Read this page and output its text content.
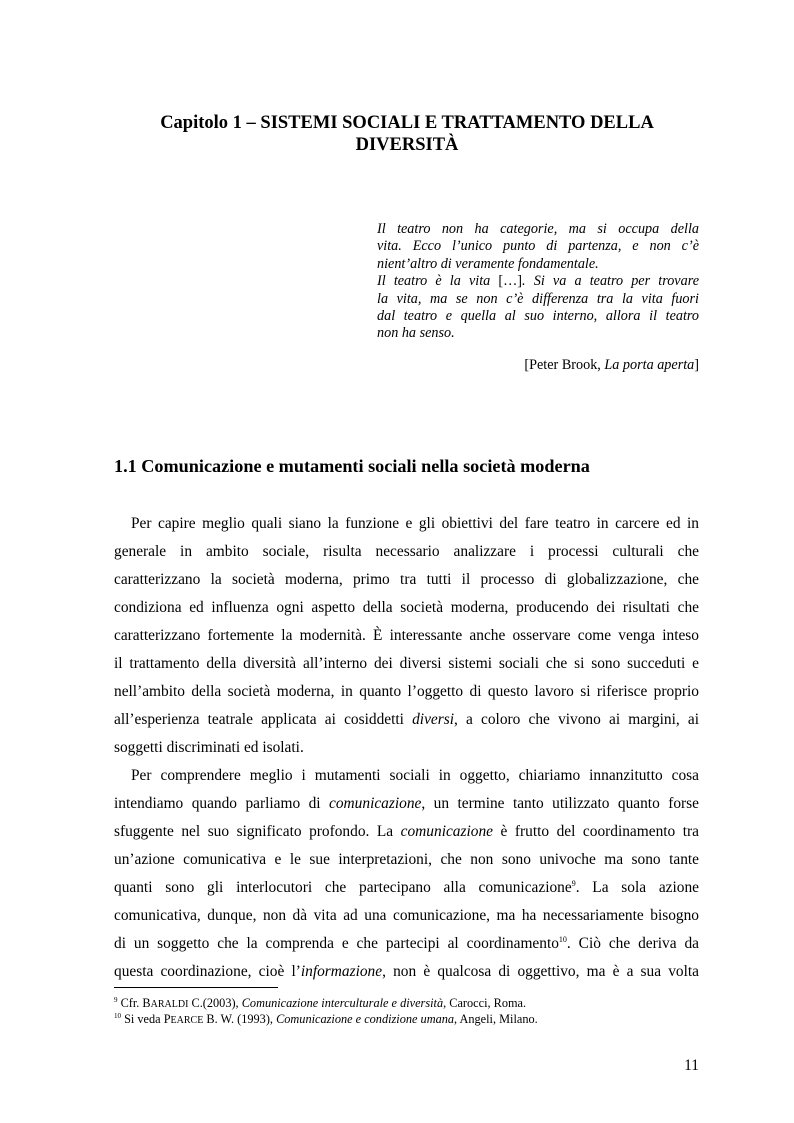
Capitolo 1 – SISTEMI SOCIALI E TRATTAMENTO DELLA
DIVERSITÀ
Il teatro non ha categorie, ma si occupa della
vita. Ecco l’unico punto di partenza, e non c’è
nient’altro di veramente fondamentale.
Il teatro è la vita […]. Si va a teatro per trovare
la vita, ma se non c’è differenza tra la vita fuori
dal teatro e quella al suo interno, allora il teatro
non ha senso.
[Peter Brook, La porta aperta]
1.1 Comunicazione e mutamenti sociali nella società moderna
Per capire meglio quali siano la funzione e gli obiettivi del fare teatro in carcere ed in
generale in ambito sociale, risulta necessario analizzare i processi culturali che
caratterizzano la società moderna, primo tra tutti il processo di globalizzazione, che
condiziona ed influenza ogni aspetto della società moderna, producendo dei risultati che
caratterizzano fortemente la modernità. È interessante anche osservare come venga inteso
il trattamento della diversità all’interno dei diversi sistemi sociali che si sono succeduti e
nell’ambito della società moderna, in quanto l’oggetto di questo lavoro si riferisce proprio
all’esperienza teatrale applicata ai cosiddetti diversi, a coloro che vivono ai margini, ai
soggetti discriminati ed isolati.
Per comprendere meglio i mutamenti sociali in oggetto, chiariamo innanzitutto cosa
intendiamo quando parliamo di comunicazione, un termine tanto utilizzato quanto forse
sfuggente nel suo significato profondo. La comunicazione è frutto del coordinamento tra
un’azione comunicativa e le sue interpretazioni, che non sono univoche ma sono tante
quanti sono gli interlocutori che partecipano alla comunicazione$^9$. La sola azione
comunicativa, dunque, non dà vita ad una comunicazione, ma ha necessariamente bisogno
di un soggetto che la comprenda e che partecipi al coordinamento$^{10}$. Ciò che deriva da
questa coordinazione, cioè l’informazione, non è qualcosa di oggettivo, ma è a sua volta
$^9$ Cfr. BARALDI C.(2003), Comunicazione interculturale e diversità, Carocci, Roma.
$^{10}$ Si veda PEARCE B. W. (1993), Comunicazione e condizione umana, Angeli, Milano.
11
